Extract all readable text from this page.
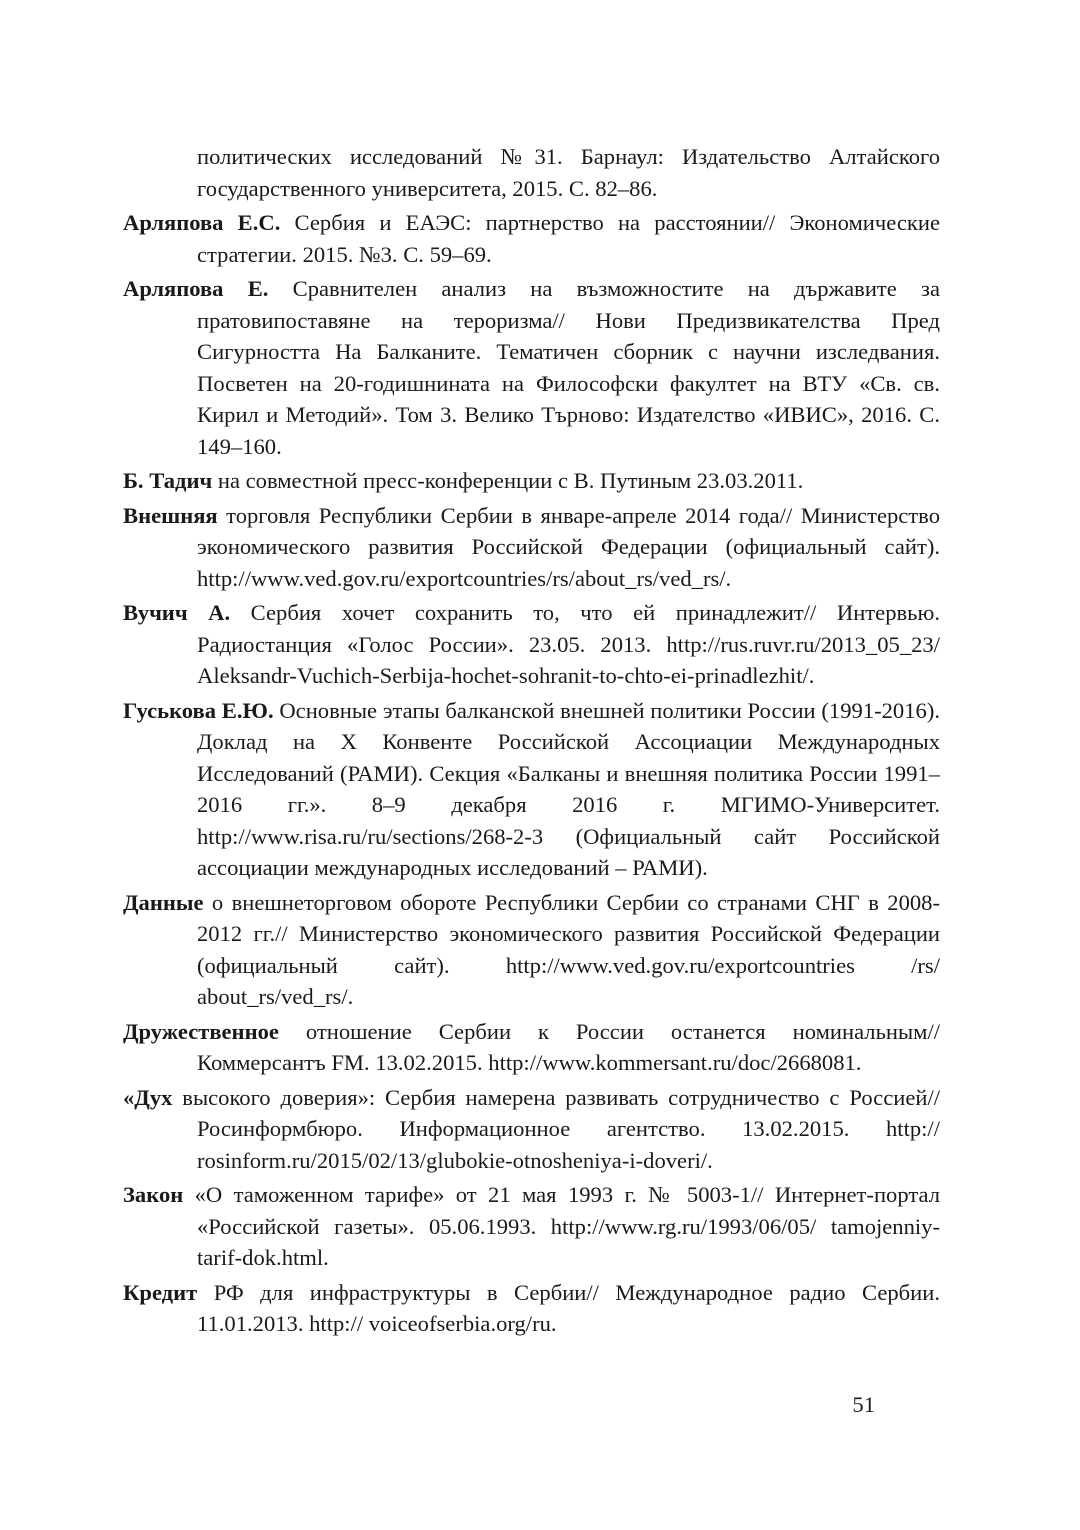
политических исследований №31. Барнаул: Издательство Алтайского государственного университета, 2015. С. 82–86.

Арляпова Е.С. Сербия и ЕАЭС: партнерство на расстоянии// Экономические стратегии. 2015. №3. С. 59–69.

Арляпова Е. Сравнителен анализ на възможностите на държавите за пратовипоставяне на тероризма// Нови Предизвикателства Пред Сигурността На Балканите. Тематичен сборник с научни изследвания. Посветен на 20-годишнината на Философски факултет на ВТУ «Св. св. Кирил и Методий». Том 3. Велико Търново: Издателство «ИВИС», 2016. С. 149–160.

Б. Тадич на совместной пресс-конференции с В. Путиным 23.03.2011.

Внешняя торговля Республики Сербии в январе-апреле 2014 года// Министерство экономического развития Российской Федерации (официальный сайт). http://www.ved.gov.ru/exportcountries/rs/about_rs/ved_rs/.

Вучич А. Сербия хочет сохранить то, что ей принадлежит// Интервью. Радиостанция «Голос России». 23.05. 2013. http://rus.ruvr.ru/2013_05_23/ Aleksandr-Vuchich-Serbija-hochet-sohranit-to-chto-ei-prinadlezhit/.

Гуськова Е.Ю. Основные этапы балканской внешней политики России (1991-2016). Доклад на X Конвенте Российской Ассоциации Международных Исследований (РАМИ). Секция «Балканы и внешняя политика России 1991–2016 гг.». 8–9 декабря 2016 г. МГИМО-Университет. http://www.risa.ru/ru/sections/268-2-3 (Официальный сайт Российской ассоциации международных исследований – РАМИ).

Данные о внешнеторговом обороте Республики Сербии со странами СНГ в 2008-2012 гг.// Министерство экономического развития Российской Федерации (официальный сайт). http://www.ved.gov.ru/exportcountries /rs/ about_rs/ved_rs/.

Дружественное отношение Сербии к России останется номинальным// Коммерсантъ FM. 13.02.2015. http://www.kommersant.ru/doc/2668081.

«Дух высокого доверия»: Сербия намерена развивать сотрудничество с Россией// Росинформбюро. Информационное агентство. 13.02.2015. http:// rosinform.ru/2015/02/13/glubokie-otnosheniya-i-doveri/.

Закон «О таможенном тарифе» от 21 мая 1993 г. № 5003-1// Интернет-портал «Российской газеты». 05.06.1993. http://www.rg.ru/1993/06/05/ tamojenniy-tarif-dok.html.

Кредит РФ для инфраструктуры в Сербии// Международное радио Сербии. 11.01.2013. http:// voiceofserbia.org/ru.

51
